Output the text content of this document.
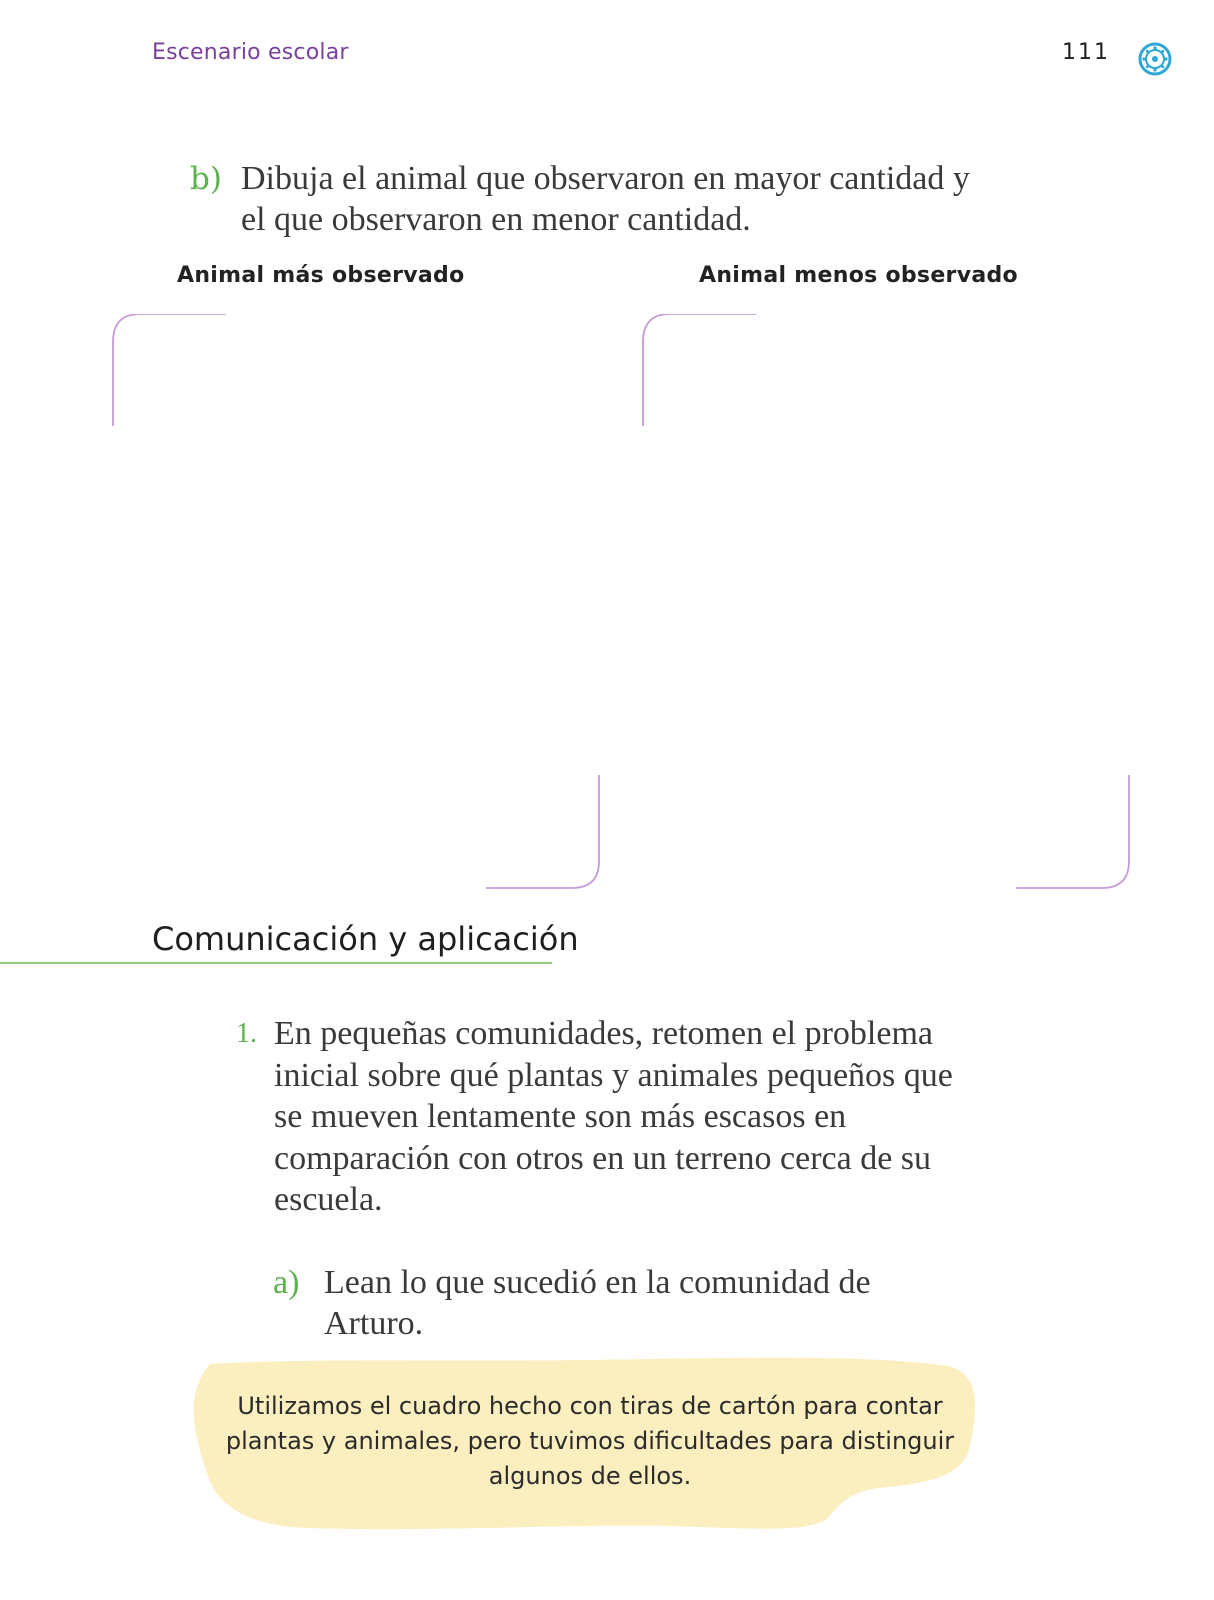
Escenario escolar	111
b) Dibuja el animal que observaron en mayor cantidad y el que observaron en menor cantidad.
Animal más observado	Animal menos observado
Comunicación y aplicación
1. En pequeñas comunidades, retomen el problema inicial sobre qué plantas y animales pequeños que se mueven lentamente son más escasos en comparación con otros en un terreno cerca de su escuela.
a) Lean lo que sucedió en la comunidad de Arturo.
Utilizamos el cuadro hecho con tiras de cartón para contar plantas y animales, pero tuvimos dificultades para distinguir algunos de ellos.
